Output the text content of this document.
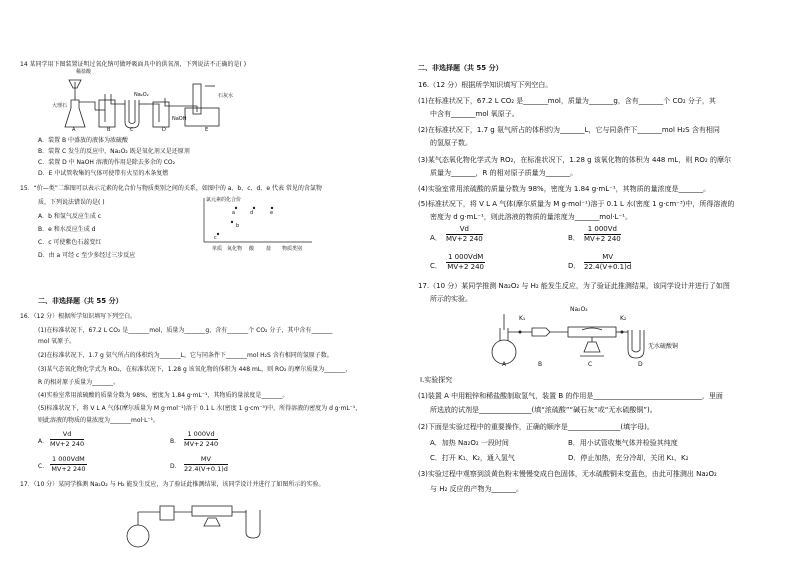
14 某同学用下图装置证明过氧化钠可做呼吸面具中的供氧剂，下列说法不正确的是( )
稀盐酸
大理石
Na₂O₂
NaOH
石灰水
A	B	C	D	E
A．装置 B 中盛放的液体为浓硫酸
B．装置 C 发生的反应中，Na₂O₂ 既是氧化剂又是还原剂
C．装置 D 中 NaOH 溶液的作用是除去多余的 CO₂
D．E 中试管收集的气体可使带有火星的木条复燃
15．“价—类”二维图可以表示元素的化合价与物质类别之间的关系，如图中的 a、b、c、d、e 代表 常见的含氯物
质，下列说法错误的是( )
A．b 和氢气反应生成 c
B．e 和水反应生成 d
C．c 可使紫色石蕊变红
D．由 a 可经 c 至少多经过三步反应
氯元素的化合价
a	d	e
b
c
单质 氧化物 酸 盐 物质类别
二、非选择题（共 55 分）
16．（12 分）根据所学知识填写下列空白。
(1)在标准状况下，67.2 L CO₂ 是_______mol，质量为_______g，含有_______个 CO₂ 分子，其中含有_______
mol 氧原子。
(2)在标准状况下，1.7 g 氨气所占的体积约为_______L，它与同条件下_______mol H₂S 含有相同的氢原子数。
(3)某气态氧化物化学式为 RO₂，在标准状况下，1.28 g 该氧化物的体积为 448 mL，则 RO₂ 的摩尔质量为_______，
R 的相对原子质量为_______。
(4)实验室常用浓硫酸的质量分数为 98%，密度为 1.84 g·mL⁻¹，其物质的量浓度是_______。
(5)标准状况下，将 V L A 气体(摩尔质量为 M g·mol⁻¹)溶于 0.1 L 水(密度 1 g·cm⁻³)中，所得溶液的密度为 d g·mL⁻¹，
则此溶液的物质的量浓度为_______mol·L⁻¹。
A． $\frac{Vd}{MV+2 240}$	B． $\frac{1 000Vd}{MV+2 240}$
C．
1 000VdM
MV+2 240	D． $\frac{MV}{22.4(V+0.1)d}$
17．（10 分）某同学推测 Na₂O₂ 与 H₂ 能发生反应，为了验证此推测结果，该同学设计并进行了如图所示的实验。
二、非选择题（共 55 分）
16.（12 分）根据所学知识填写下列空白。
(1)在标准状况下，67.2 L CO₂ 是_______mol，质量为_______g，含有_______个 CO₂ 分子，其
中含有_______mol 氧原子。
(2)在标准状况下，1.7 g 氨气所占的体积约为_______L，它与同条件下_______mol H₂S 含有相同
的氢原子数。
(3)某气态氧化物化学式为 RO₂，在标准状况下，1.28 g 该氧化物的体积为 448 mL，则 RO₂ 的摩尔
质量为_______，R 的相对原子质量为_______。
(4)实验室常用浓硫酸的质量分数为 98%，密度为 1.84 g·mL⁻¹，其物质的量浓度是_______。
(5)标准状况下，将 V L A 气体(摩尔质量为 M g·mol⁻¹)溶于 0.1 L 水(密度 1 g·cm⁻³)中，所得溶液的
密度为 d g·mL⁻¹，则此溶液的物质的量浓度为_______mol·L⁻¹。
A． $\frac{Vd}{MV+2 240}$	B． $\frac{1 000Vd}{MV+2 240}$
C．
1 000VdM
MV+2 240	D． $\frac{MV}{22.4(V+0.1)d}$
17.（10 分）某同学推测 Na₂O₂ 与 H₂ 能发生反应，为了验证此推测结果，该同学设计并进行了如图
所示的实验。
K₁
Na₂O₂
K₂
无水硫酸铜
A	B	C	D
Ⅰ.实验探究
(1)装置 A 中用粗锌和稀盐酸制取氢气，装置 B 的作用是_______________________________，里面
所选放的试剂是_______________(填“浓硫酸”“碱石灰”或“无水硫酸铜”)。
(2)下面是实验过程中的重要操作，正确的顺序是_______________(填字母)。
A．加热 Na₂O₂ 一段时间	B．用小试管收集气体并检验其纯度
C．打开 K₁、K₂，通入氢气	D．停止加热，充分冷却，关闭 K₁、K₂
(3)实验过程中观察到淡黄色粉末慢慢变成白色固体，无水硫酸铜未变蓝色，由此可推测出 Na₂O₂
与 H₂ 反应的产物为_______。
